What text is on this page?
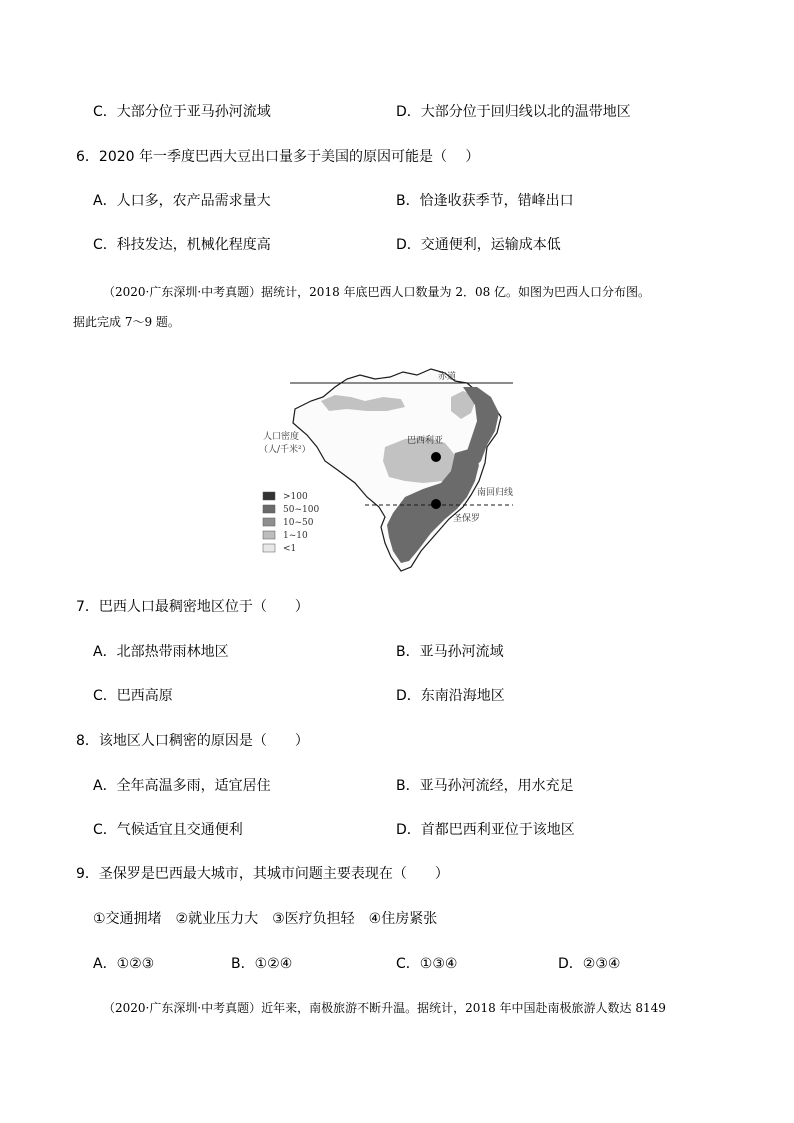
C．大部分位于亚马孙河流域	D．大部分位于回归线以北的温带地区
6．2020 年一季度巴西大豆出口量多于美国的原因可能是（　 ）
A．人口多，农产品需求量大	B．恰逢收获季节，错峰出口
C．科技发达，机械化程度高	D．交通便利，运输成本低
（2020·广东深圳·中考真题）据统计，2018 年底巴西人口数量为 2．08 亿。如图为巴西人口分布图。
据此完成 7～9 题。
赤道
巴西利亚
南回归线
圣保罗
人口密度
（人/千米²）
>100
50~100
10~50
1~10
<1
7．巴西人口最稠密地区位于（　　）
A．北部热带雨林地区	B．亚马孙河流域
C．巴西高原	D．东南沿海地区
8．该地区人口稠密的原因是（　　）
A．全年高温多雨，适宜居住	B．亚马孙河流经，用水充足
C．气候适宜且交通便利	D．首都巴西利亚位于该地区
9．圣保罗是巴西最大城市，其城市问题主要表现在（　　）
①交通拥堵　②就业压力大　③医疗负担轻　④住房紧张
A．①②③	B．①②④	C．①③④	D．②③④
（2020·广东深圳·中考真题）近年来，南极旅游不断升温。据统计，2018 年中国赴南极旅游人数达 8149
